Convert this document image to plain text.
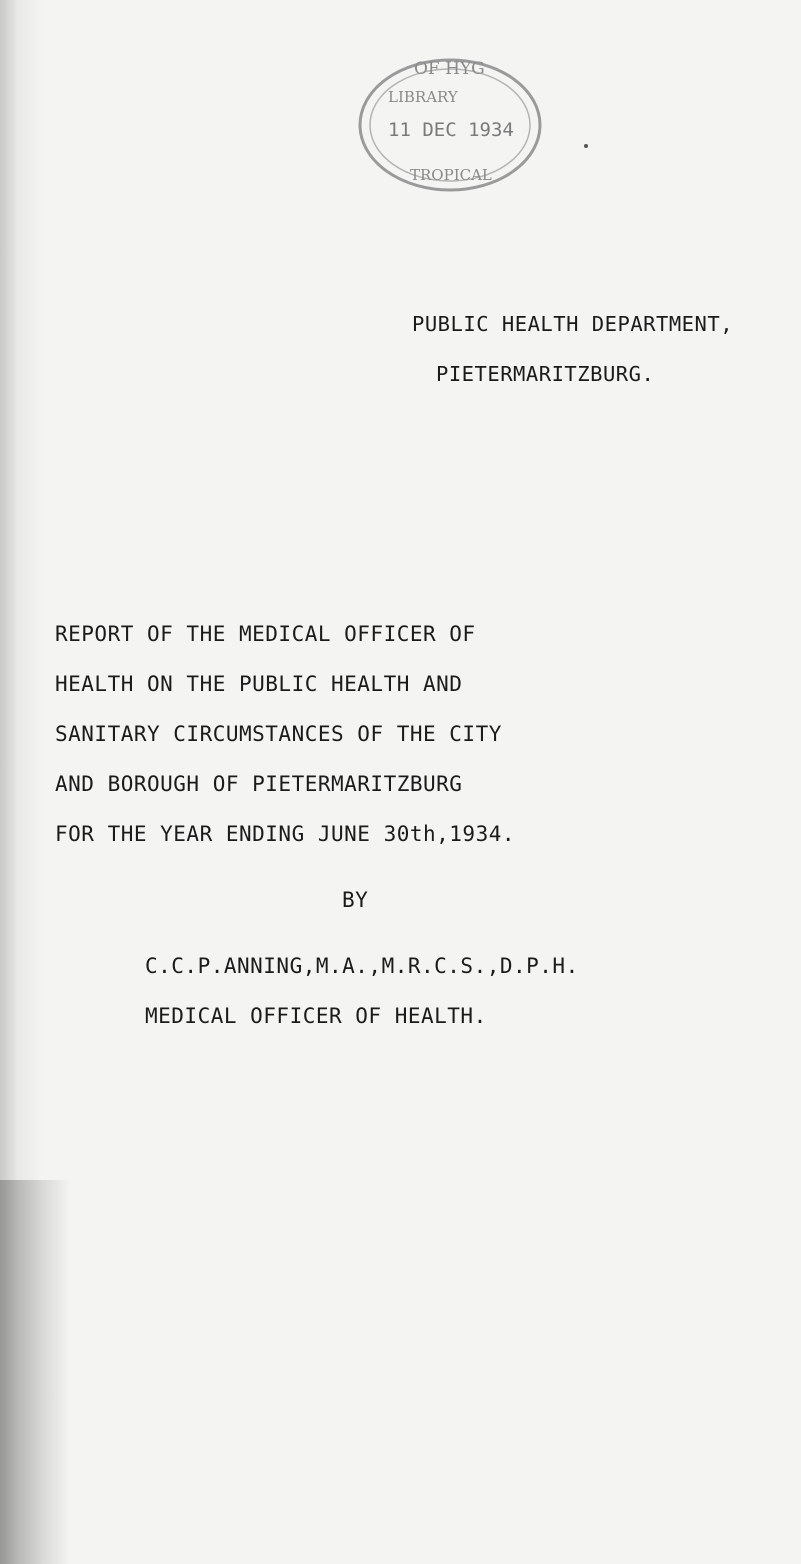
OF HYG
LIBRARY
11 DEC 1934
TROPICAL
PUBLIC HEALTH DEPARTMENT,
PIETERMARITZBURG.
REPORT OF THE MEDICAL OFFICER OF
HEALTH ON THE PUBLIC HEALTH AND
SANITARY CIRCUMSTANCES OF THE CITY
AND BOROUGH OF PIETERMARITZBURG
FOR THE YEAR ENDING JUNE 30th,1934.
BY
C.C.P.ANNING,M.A.,M.R.C.S.,D.P.H.
MEDICAL OFFICER OF HEALTH.
